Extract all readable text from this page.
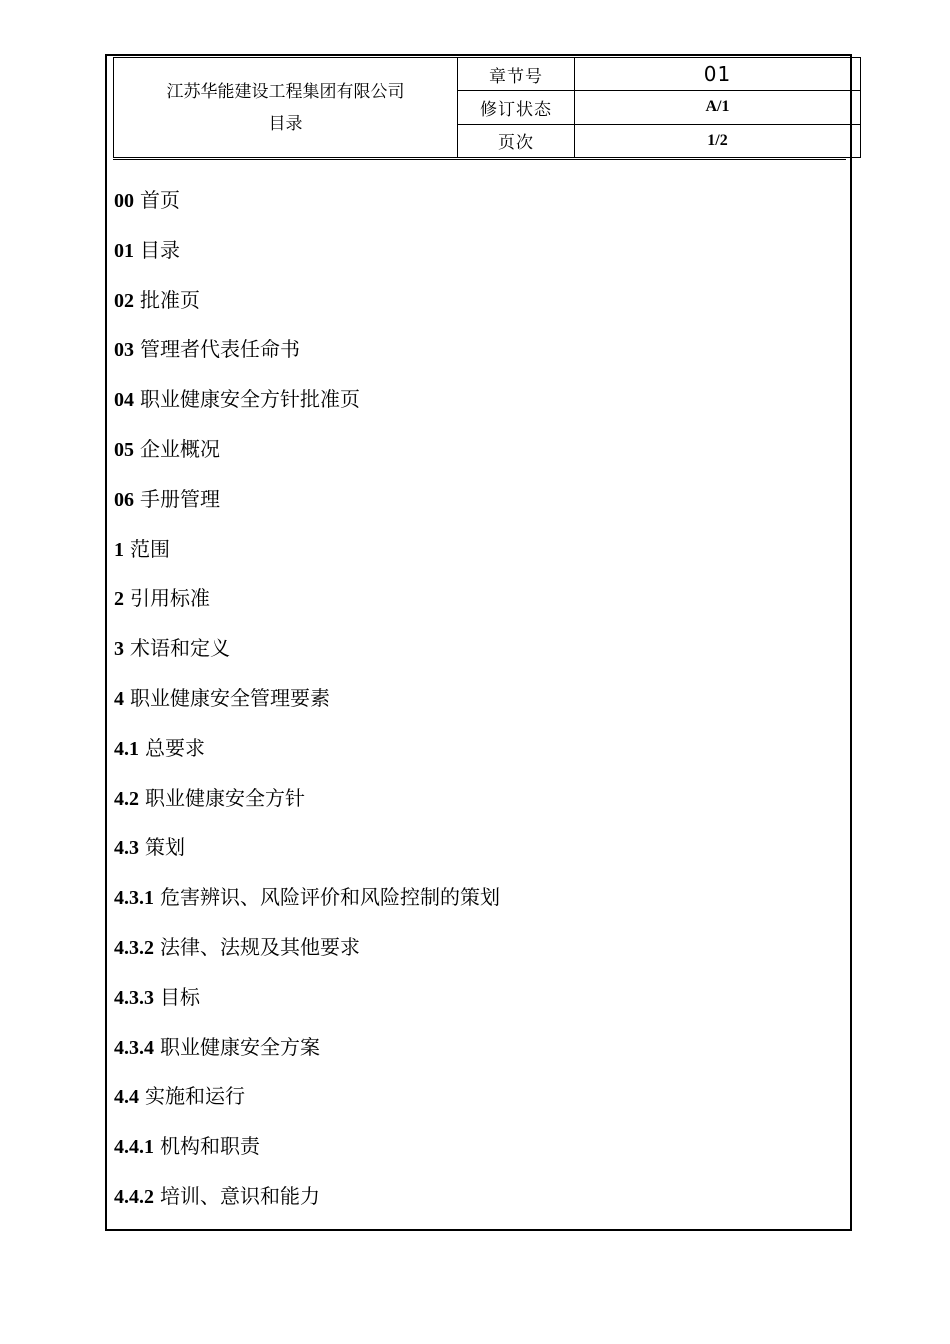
江苏华能建设工程集团有限公司
目录	章节号	01
	修订状态	A/1
	页次	1/2
00 首页
01 目录
02 批准页
03 管理者代表任命书
04 职业健康安全方针批准页
05 企业概况
06 手册管理
1 范围
2 引用标准
3 术语和定义
4 职业健康安全管理要素
4.1 总要求
4.2 职业健康安全方针
4.3 策划
4.3.1 危害辨识、风险评价和风险控制的策划
4.3.2 法律、法规及其他要求
4.3.3 目标
4.3.4 职业健康安全方案
4.4 实施和运行
4.4.1 机构和职责
4.4.2 培训、意识和能力
